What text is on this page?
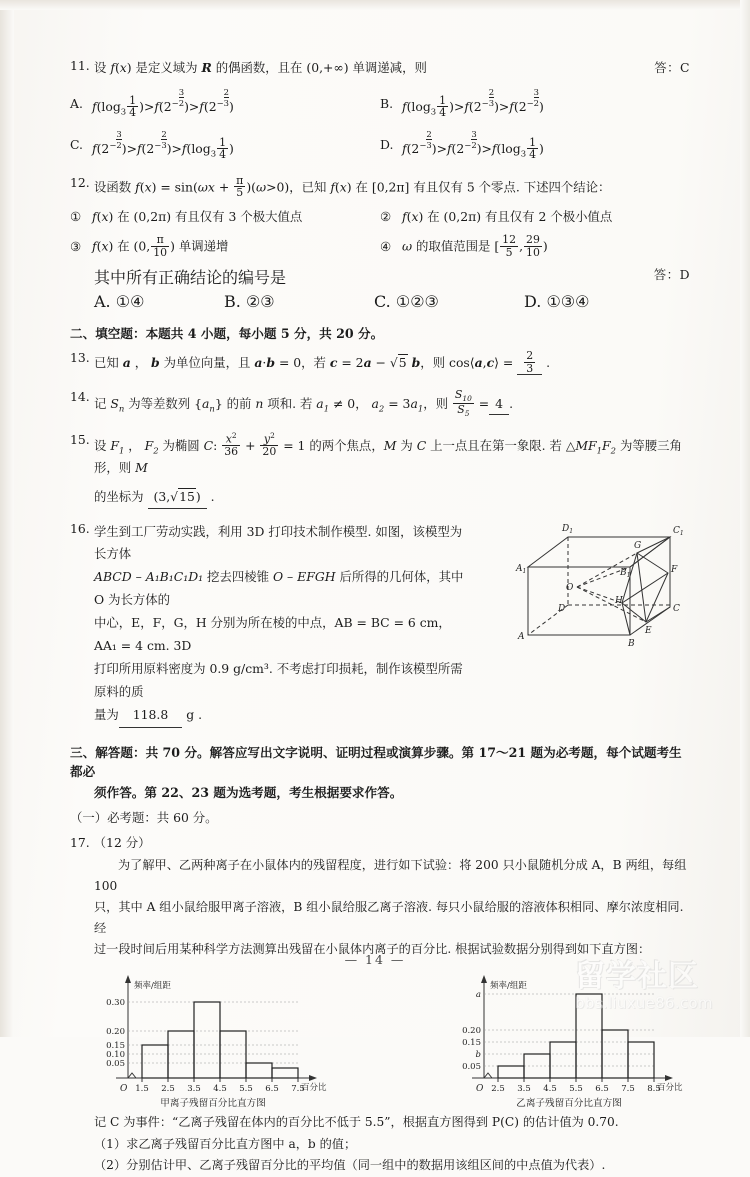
11. 设 f(x) 是定义域为 R 的偶函数，且在 (0,+∞) 单调递减，则	答：C
A. $f(\log_3 \frac{1}{4} )>f(2^{- \frac{3}{2}}$ )$>f(2^{- \frac{2}{3}}$ )	B. $f(\log_3 \frac{1}{4} )>f(2^{- \frac{2}{3}}$ )$>f(2^{- \frac{3}{2}}$ )
C. $f(2^{- \frac{3}{2}}$ )$>f(2^{- \frac{2}{3}}$ )$>f(\log_3 \frac{1}{4}$ )	D. $f(2^{- \frac{2}{3}}$ )$>f(2^{- \frac{3}{2}}$ )$>f(\log_3 \frac{1}{4}$ )
12. 设函数 $f(x) = \sin(\omega x + \frac{\pi}{5} )(\omega>0)$，已知 f(x) 在 [0,2π] 有且仅有 5 个零点. 下述四个结论：
① f(x) 在 (0,2π) 有且仅有 3 个极大值点	② f(x) 在 (0,2π) 有且仅有 2 个极小值点
③ f(x) 在 (0, $\frac{\pi}{10}$ ) 单调递增	④ ω 的取值范围是 [ $\frac{12}{5}$ , $\frac{29}{10}$ )
其中所有正确结论的编号是	答：D
A. ①④	B. ②③	C. ①②③	D. ①③④
二、填空题：本题共 4 小题，每小题 5 分，共 20 分。
13. 已知 a ， b 为单位向量，且 a·b = 0，若 c = 2a − √5 b，则 cos⟨a,c⟩ = $\frac{2}{3}$ .
14. 记 $S_n$ 为等差数列 $\{a_n\}$ 的前 n 项和. 若 $a_1 \ne 0$， $a_2 = 3a_1$，则 $\frac{S_{10}}{S_5} = 4$ .
15. 设 $F_1$ ， $F_2$ 为椭圆 C: $\frac{x^2}{36} + \frac{y^2}{20} = 1$ 的两个焦点，M 为 C 上一点且在第一象限. 若 $\triangle MF_1F_2$ 为等腰三角形，则 M
的坐标为 (3,√15) .
16. 学生到工厂劳动实践，利用 3D 打印技术制作模型. 如图，该模型为长方体
ABCD – A₁B₁C₁D₁ 挖去四棱锥 O – EFGH 后所得的几何体，其中 O 为长方体的
中心，E，F，G，H 分别为所在棱的中点，AB = BC = 6 cm，AA₁ = 4 cm. 3D
打印所用原料密度为 0.9 g/cm³. 不考虑打印损耗，制作该模型所需原料的质
量为 118.8 g .
A
B
C
D
$A_1$	$B_1$
$C_1$
$D_1$
E
F
G
H
O
三、解答题：共 70 分。解答应写出文字说明、证明过程或演算步骤。第 17～21 题为必考题，每个试题考生都必
须作答。第 22、23 题为选考题，考生根据要求作答。
（一）必考题：共 60 分。
17. （12 分）
为了解甲、乙两种离子在小鼠体内的残留程度，进行如下试验：将 200 只小鼠随机分成 A，B 两组，每组 100
只，其中 A 组小鼠给服甲离子溶液，B 组小鼠给服乙离子溶液. 每只小鼠给服的溶液体积相同、摩尔浓度相同. 经
过一段时间后用某种科学方法测算出残留在小鼠体内离子的百分比. 根据试验数据分别得到如下直方图：
1.5 2.5 3.5 4.5 5.5 6.5 7.5
0.05
0.10
0.15
0.20
0.30
O
频率/组距
百分比
甲离子残留百分比直方图
2.5 3.5 4.5 5.5 6.5 7.5 8.5
0.05
b
0.15
0.20
a
O
频率/组距
百分比
乙离子残留百分比直方图
记 C 为事件：“乙离子残留在体内的百分比不低于 5.5”，根据直方图得到 P(C) 的估计值为 0.70.
（1）求乙离子残留百分比直方图中 a，b 的值；
（2）分别估计甲、乙离子残留百分比的平均值（同一组中的数据用该组区间的中点值为代表）.
— 14 —	留学社区
bbs.liuxue86.com
